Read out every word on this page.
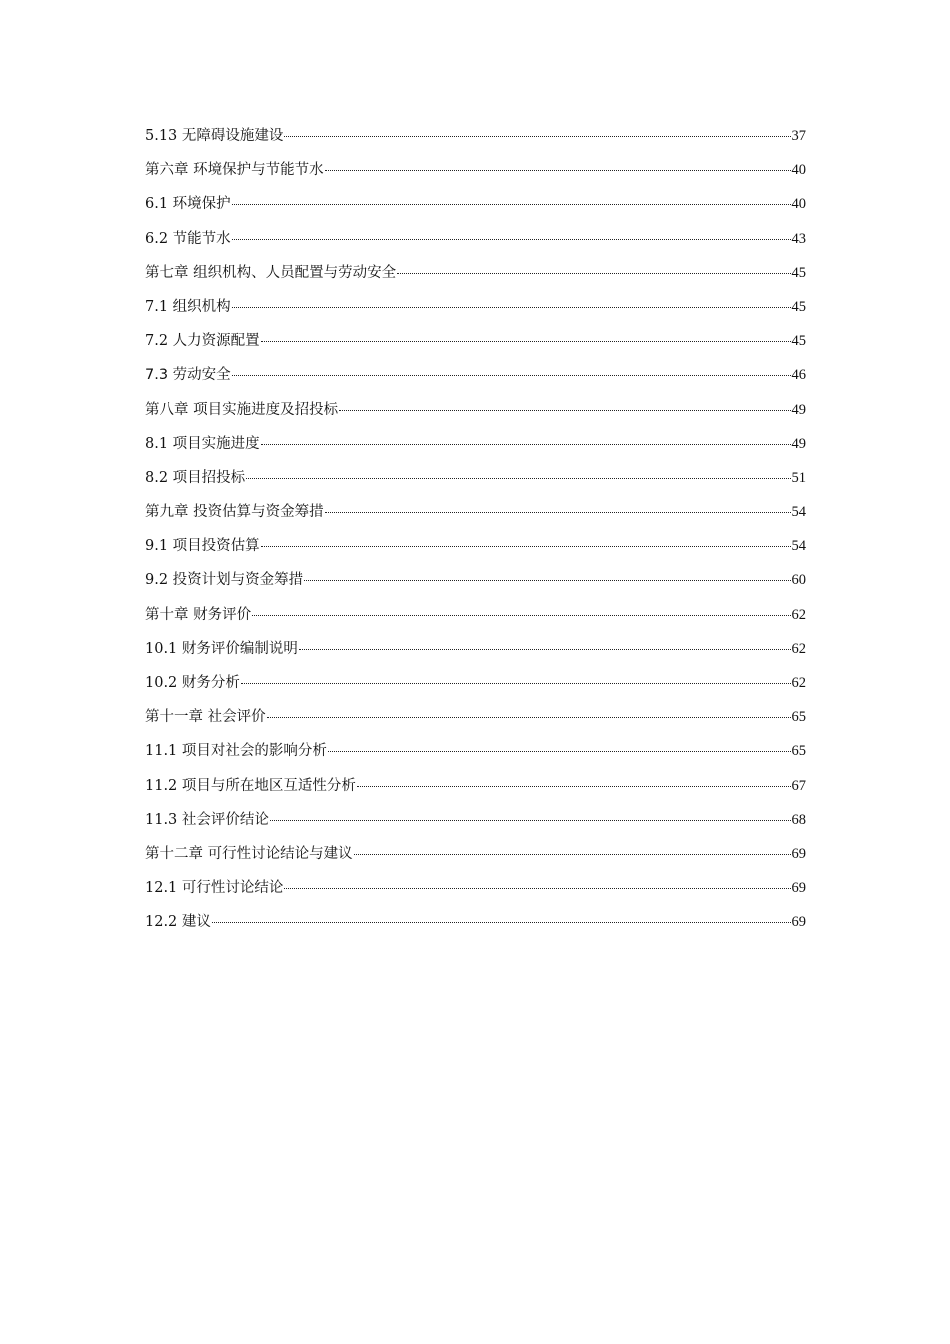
5.13 无障碍设施建设	37
第六章 环境保护与节能节水	40
6.1 环境保护	40
6.2 节能节水	43
第七章 组织机构、人员配置与劳动安全	45
7.1 组织机构	45
7.2 人力资源配置	45
7.3 劳动安全	46
第八章 项目实施进度及招投标	49
8.1 项目实施进度	49
8.2 项目招投标	51
第九章 投资估算与资金筹措	54
9.1 项目投资估算	54
9.2 投资计划与资金筹措	60
第十章 财务评价	62
10.1 财务评价编制说明	62
10.2 财务分析	62
第十一章 社会评价	65
11.1 项目对社会的影响分析	65
11.2 项目与所在地区互适性分析	67
11.3 社会评价结论	68
第十二章 可行性讨论结论与建议	69
12.1 可行性讨论结论	69
12.2 建议	69
